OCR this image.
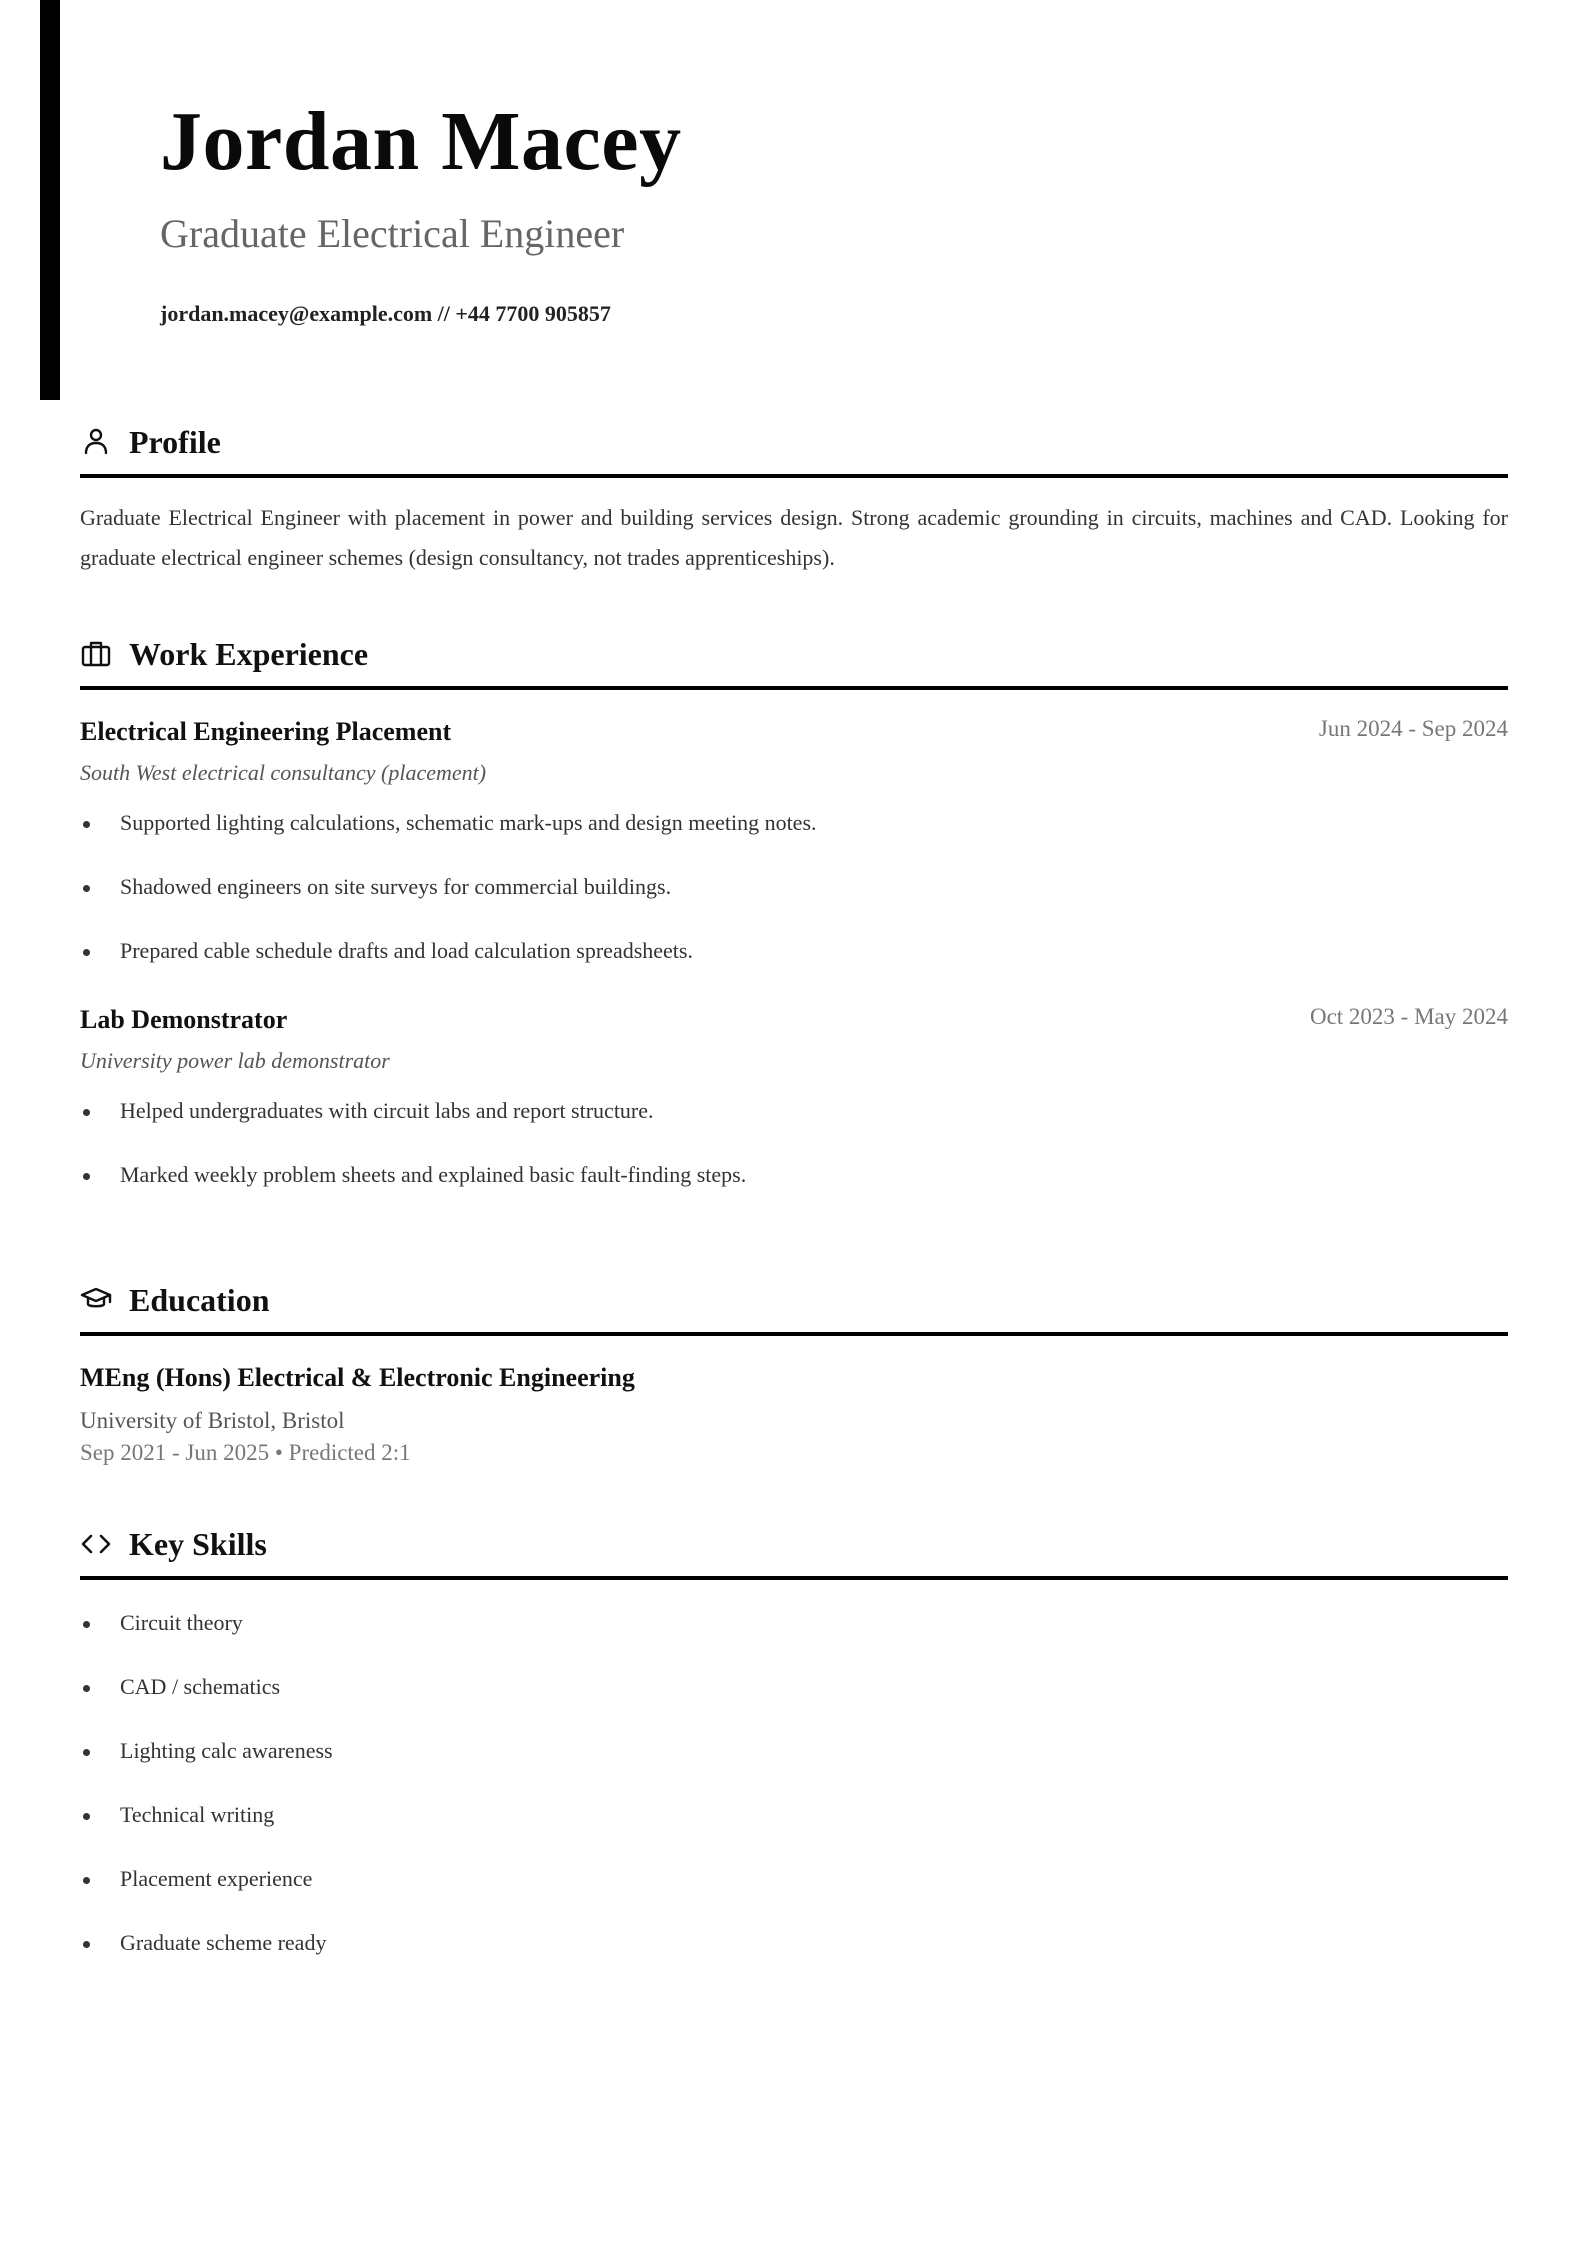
Jordan Macey
Graduate Electrical Engineer
jordan.macey@example.com // +44 7700 905857
Profile
Graduate Electrical Engineer with placement in power and building services design. Strong academic grounding in circuits, machines and CAD. Looking for graduate electrical engineer schemes (design consultancy, not trades apprenticeships).
Work Experience
Electrical Engineering Placement	Jun 2024 - Sep 2024
South West electrical consultancy (placement)
Supported lighting calculations, schematic mark-ups and design meeting notes.
Shadowed engineers on site surveys for commercial buildings.
Prepared cable schedule drafts and load calculation spreadsheets.
Lab Demonstrator	Oct 2023 - May 2024
University power lab demonstrator
Helped undergraduates with circuit labs and report structure.
Marked weekly problem sheets and explained basic fault-finding steps.
Education
MEng (Hons) Electrical & Electronic Engineering
University of Bristol, Bristol
Sep 2021 - Jun 2025 • Predicted 2:1
Key Skills
Circuit theory
CAD / schematics
Lighting calc awareness
Technical writing
Placement experience
Graduate scheme ready
